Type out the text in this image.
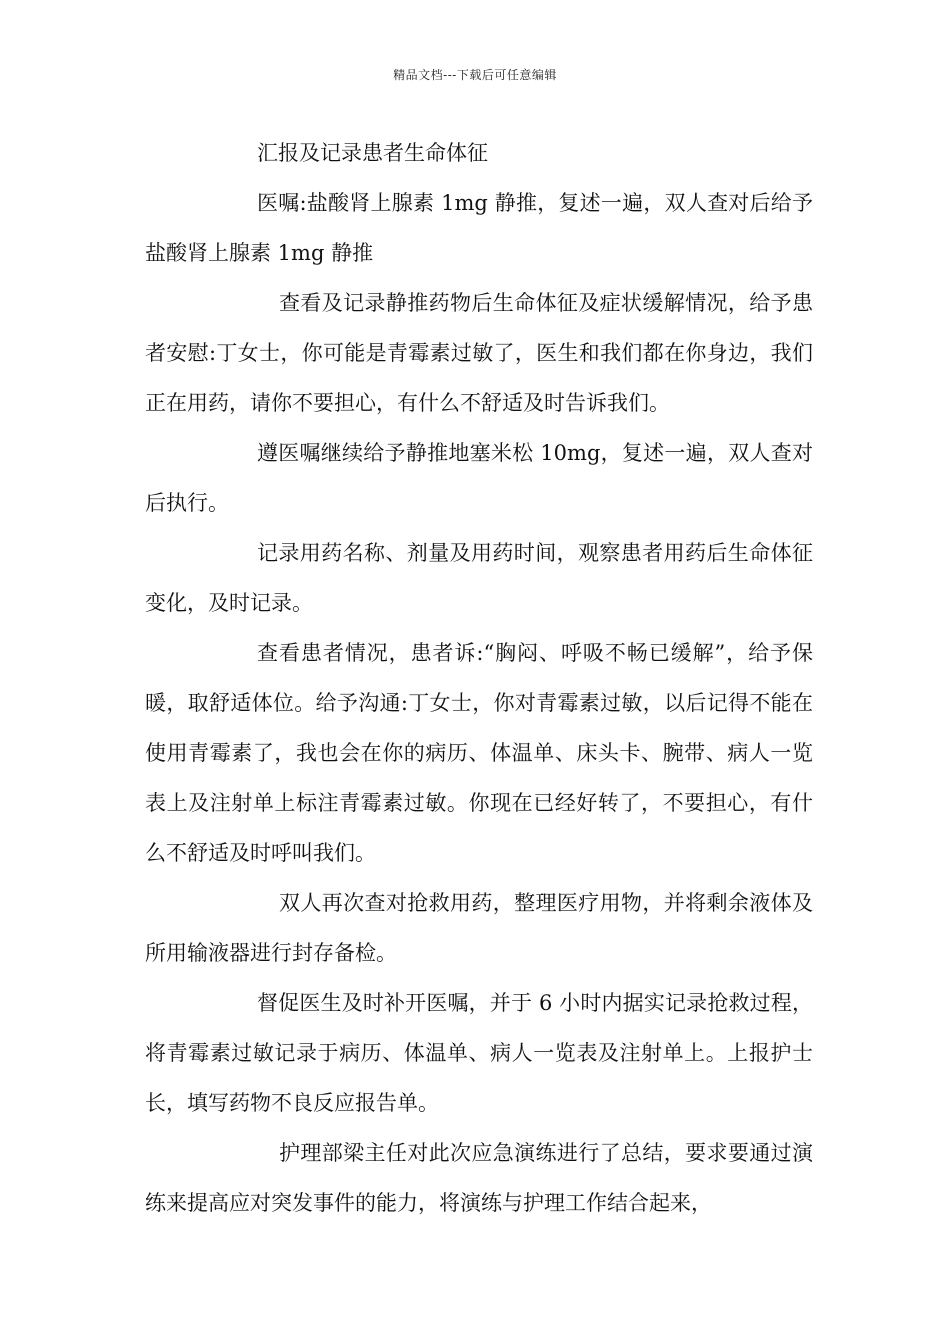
精品文档---下载后可任意编辑

汇报及记录患者生命体征

医嘱:盐酸肾上腺素 1mg 静推，复述一遍，双人查对后给予盐酸肾上腺素 1mg 静推

查看及记录静推药物后生命体征及症状缓解情况，给予患者安慰:丁女士，你可能是青霉素过敏了，医生和我们都在你身边，我们正在用药，请你不要担心，有什么不舒适及时告诉我们。

遵医嘱继续给予静推地塞米松 10mg，复述一遍，双人查对后执行。

记录用药名称、剂量及用药时间，观察患者用药后生命体征变化，及时记录。

查看患者情况，患者诉:“胸闷、呼吸不畅已缓解”，给予保暖，取舒适体位。给予沟通:丁女士，你对青霉素过敏，以后记得不能在使用青霉素了，我也会在你的病历、体温单、床头卡、腕带、病人一览表上及注射单上标注青霉素过敏。你现在已经好转了，不要担心，有什么不舒适及时呼叫我们。

双人再次查对抢救用药，整理医疗用物，并将剩余液体及所用输液器进行封存备检。

督促医生及时补开医嘱，并于 6 小时内据实记录抢救过程，将青霉素过敏记录于病历、体温单、病人一览表及注射单上。上报护士长，填写药物不良反应报告单。

护理部梁主任对此次应急演练进行了总结，要求要通过演练来提高应对突发事件的能力，将演练与护理工作结合起来，
